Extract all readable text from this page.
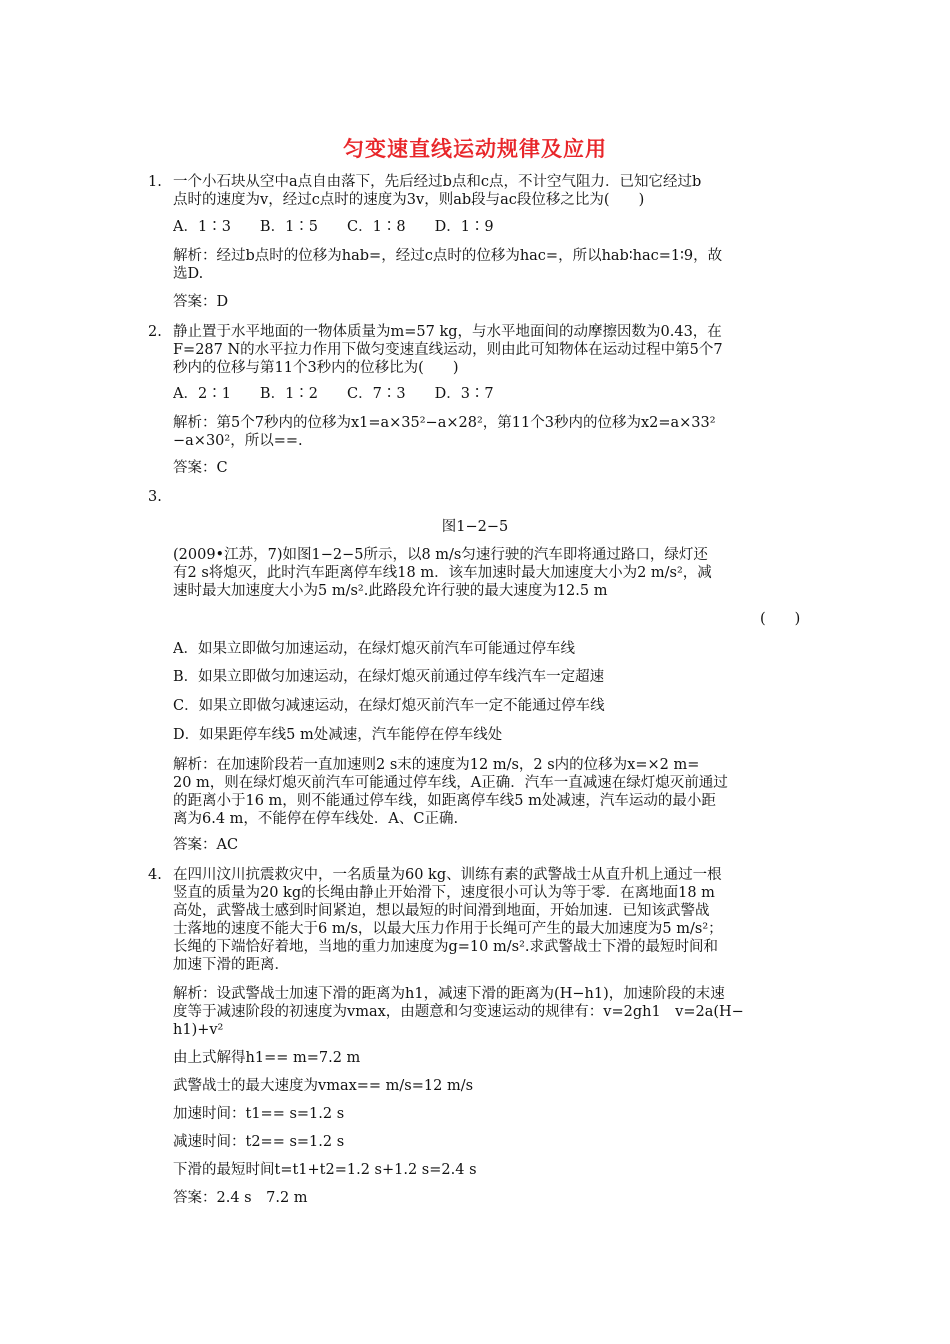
匀变速直线运动规律及应用
1. 一个小石块从空中a点自由落下，先后经过b点和c点，不计空气阻力．已知它经过b
点时的速度为v，经过c点时的速度为3v，则ab段与ac段位移之比为(　　)
A．1∶3　　B．1∶5　　C．1∶8　　D．1∶9
解析：经过b点时的位移为hab=，经过c点时的位移为hac=，所以hab∶hac=1∶9，故
选D.
答案：D
2. 静止置于水平地面的一物体质量为m=57 kg，与水平地面间的动摩擦因数为0.43，在
F=287 N的水平拉力作用下做匀变速直线运动，则由此可知物体在运动过程中第5个7
秒内的位移与第11个3秒内的位移比为(　　)
A．2∶1　　B．1∶2　　C．7∶3　　D．3∶7
解析：第5个7秒内的位移为x1=a×35²−a×28²，第11个3秒内的位移为x2=a×33²
−a×30²，所以==.
答案：C
3.
图1−2−5
(2009•江苏，7)如图1−2−5所示，以8 m/s匀速行驶的汽车即将通过路口，绿灯还
有2 s将熄灭，此时汽车距离停车线18 m．该车加速时最大加速度大小为2 m/s²，减
速时最大加速度大小为5 m/s².此路段允许行驶的最大速度为12.5 m
(　　)
A．如果立即做匀加速运动，在绿灯熄灭前汽车可能通过停车线
B．如果立即做匀加速运动，在绿灯熄灭前通过停车线汽车一定超速
C．如果立即做匀减速运动，在绿灯熄灭前汽车一定不能通过停车线
D．如果距停车线5 m处减速，汽车能停在停车线处
解析：在加速阶段若一直加速则2 s末的速度为12 m/s，2 s内的位移为x=×2 m=
20 m，则在绿灯熄灭前汽车可能通过停车线，A正确．汽车一直减速在绿灯熄灭前通过
的距离小于16 m，则不能通过停车线，如距离停车线5 m处减速，汽车运动的最小距
离为6.4 m，不能停在停车线处．A、C正确.
答案：AC
4. 在四川汶川抗震救灾中，一名质量为60 kg、训练有素的武警战士从直升机上通过一根
竖直的质量为20 kg的长绳由静止开始滑下，速度很小可认为等于零．在离地面18 m
高处，武警战士感到时间紧迫，想以最短的时间滑到地面，开始加速．已知该武警战
士落地的速度不能大于6 m/s，以最大压力作用于长绳可产生的最大加速度为5 m/s²；
长绳的下端恰好着地，当地的重力加速度为g=10 m/s².求武警战士下滑的最短时间和
加速下滑的距离．
解析：设武警战士加速下滑的距离为h1，减速下滑的距离为(H−h1)，加速阶段的末速
度等于减速阶段的初速度为vmax，由题意和匀变速运动的规律有：v=2gh1　v=2a(H−
h1)+v²
由上式解得h1== m=7.2 m
武警战士的最大速度为vmax== m/s=12 m/s
加速时间：t1== s=1.2 s
减速时间：t2== s=1.2 s
下滑的最短时间t=t1+t2=1.2 s+1.2 s=2.4 s
答案：2.4 s　7.2 m
